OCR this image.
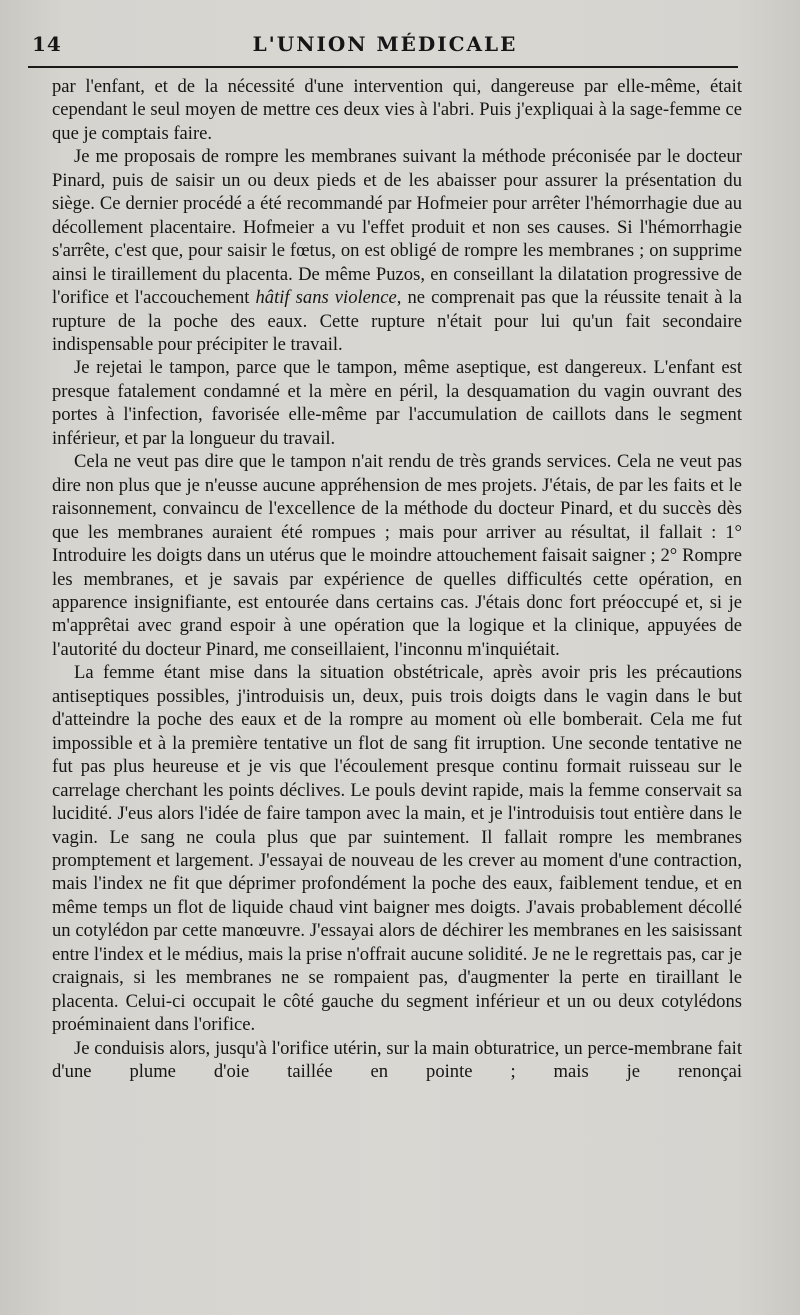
14	L'UNION MÉDICALE

par l'enfant, et de la nécessité d'une intervention qui, dangereuse par elle-même, était cependant le seul moyen de mettre ces deux vies à l'abri. Puis j'expliquai à la sage-femme ce que je comptais faire.

Je me proposais de rompre les membranes suivant la méthode préconisée par le docteur Pinard, puis de saisir un ou deux pieds et de les abaisser pour assurer la présentation du siège. Ce dernier procédé a été recommandé par Hofmeier pour arrêter l'hémorrhagie due au décollement placentaire. Hofmeier a vu l'effet produit et non ses causes. Si l'hémorrhagie s'arrête, c'est que, pour saisir le fœtus, on est obligé de rompre les membranes ; on supprime ainsi le tiraillement du placenta. De même Puzos, en conseillant la dilatation progressive de l'orifice et l'accouchement hâtif sans violence, ne comprenait pas que la réussite tenait à la rupture de la poche des eaux. Cette rupture n'était pour lui qu'un fait secondaire indispensable pour précipiter le travail.

Je rejetai le tampon, parce que le tampon, même aseptique, est dangereux. L'enfant est presque fatalement condamné et la mère en péril, la desquamation du vagin ouvrant des portes à l'infection, favorisée elle-même par l'accumulation de caillots dans le segment inférieur, et par la longueur du travail.

Cela ne veut pas dire que le tampon n'ait rendu de très grands services. Cela ne veut pas dire non plus que je n'eusse aucune appréhension de mes projets. J'étais, de par les faits et le raisonnement, convaincu de l'excellence de la méthode du docteur Pinard, et du succès dès que les membranes auraient été rompues ; mais pour arriver au résultat, il fallait : 1° Introduire les doigts dans un utérus que le moindre attouchement faisait saigner ; 2° Rompre les membranes, et je savais par expérience de quelles difficultés cette opération, en apparence insignifiante, est entourée dans certains cas. J'étais donc fort préoccupé et, si je m'apprêtai avec grand espoir à une opération que la logique et la clinique, appuyées de l'autorité du docteur Pinard, me conseillaient, l'inconnu m'inquiétait.

La femme étant mise dans la situation obstétricale, après avoir pris les précautions antiseptiques possibles, j'introduisis un, deux, puis trois doigts dans le vagin dans le but d'atteindre la poche des eaux et de la rompre au moment où elle bomberait. Cela me fut impossible et à la première tentative un flot de sang fit irruption. Une seconde tentative ne fut pas plus heureuse et je vis que l'écoulement presque continu formait ruisseau sur le carrelage cherchant les points déclives. Le pouls devint rapide, mais la femme conservait sa lucidité. J'eus alors l'idée de faire tampon avec la main, et je l'introduisis tout entière dans le vagin. Le sang ne coula plus que par suintement. Il fallait rompre les membranes promptement et largement. J'essayai de nouveau de les crever au moment d'une contraction, mais l'index ne fit que déprimer profondément la poche des eaux, faiblement tendue, et en même temps un flot de liquide chaud vint baigner mes doigts. J'avais probablement décollé un cotylédon par cette manœuvre. J'essayai alors de déchirer les membranes en les saisissant entre l'index et le médius, mais la prise n'offrait aucune solidité. Je ne le regrettais pas, car je craignais, si les membranes ne se rompaient pas, d'augmenter la perte en tiraillant le placenta. Celui-ci occupait le côté gauche du segment inférieur et un ou deux cotylédons proéminaient dans l'orifice.

Je conduisis alors, jusqu'à l'orifice utérin, sur la main obturatrice, un perce-membrane fait d'une plume d'oie taillée en pointe ; mais je renonçai
